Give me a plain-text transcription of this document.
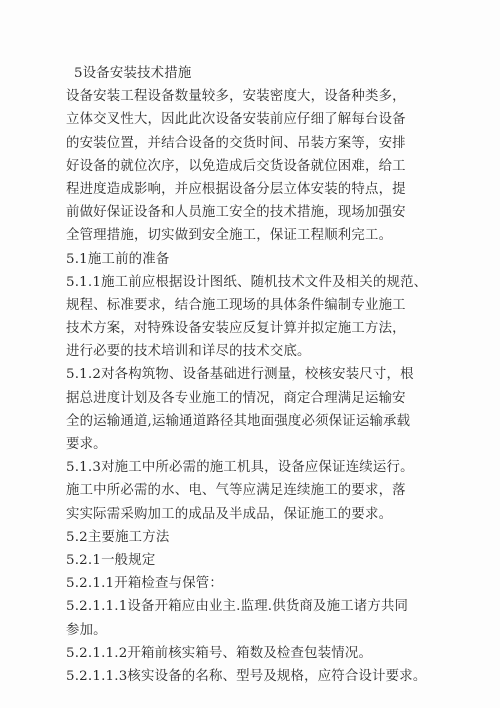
5设备安装技术措施
设备安装工程设备数量较多，安装密度大，设备种类多，
立体交叉性大，因此此次设备安装前应仔细了解每台设备
的安装位置，并结合设备的交货时间、吊装方案等，安排
好设备的就位次序，以免造成后交货设备就位困难，给工
程进度造成影响，并应根据设备分层立体安装的特点，提
前做好保证设备和人员施工安全的技术措施，现场加强安
全管理措施，切实做到安全施工，保证工程顺利完工。
5.1施工前的准备
5.1.1施工前应根据设计图纸、随机技术文件及相关的规范、
规程、标准要求，结合施工现场的具体条件编制专业施工
技术方案，对特殊设备安装应反复计算并拟定施工方法，
进行必要的技术培训和详尽的技术交底。
5.1.2对各构筑物、设备基础进行测量，校核安装尺寸，根
据总进度计划及各专业施工的情况，商定合理满足运输安
全的运输通道,运输通道路径其地面强度必须保证运输承载
要求。
5.1.3对施工中所必需的施工机具，设备应保证连续运行。
施工中所必需的水、电、气等应满足连续施工的要求，落
实实际需采购加工的成品及半成品，保证施工的要求。
5.2主要施工方法
5.2.1一般规定
5.2.1.1开箱检查与保管：
5.2.1.1.1设备开箱应由业主.监理.供货商及施工诸方共同
参加。
5.2.1.1.2开箱前核实箱号、箱数及检查包装情况。
5.2.1.1.3核实设备的名称、型号及规格，应符合设计要求。
